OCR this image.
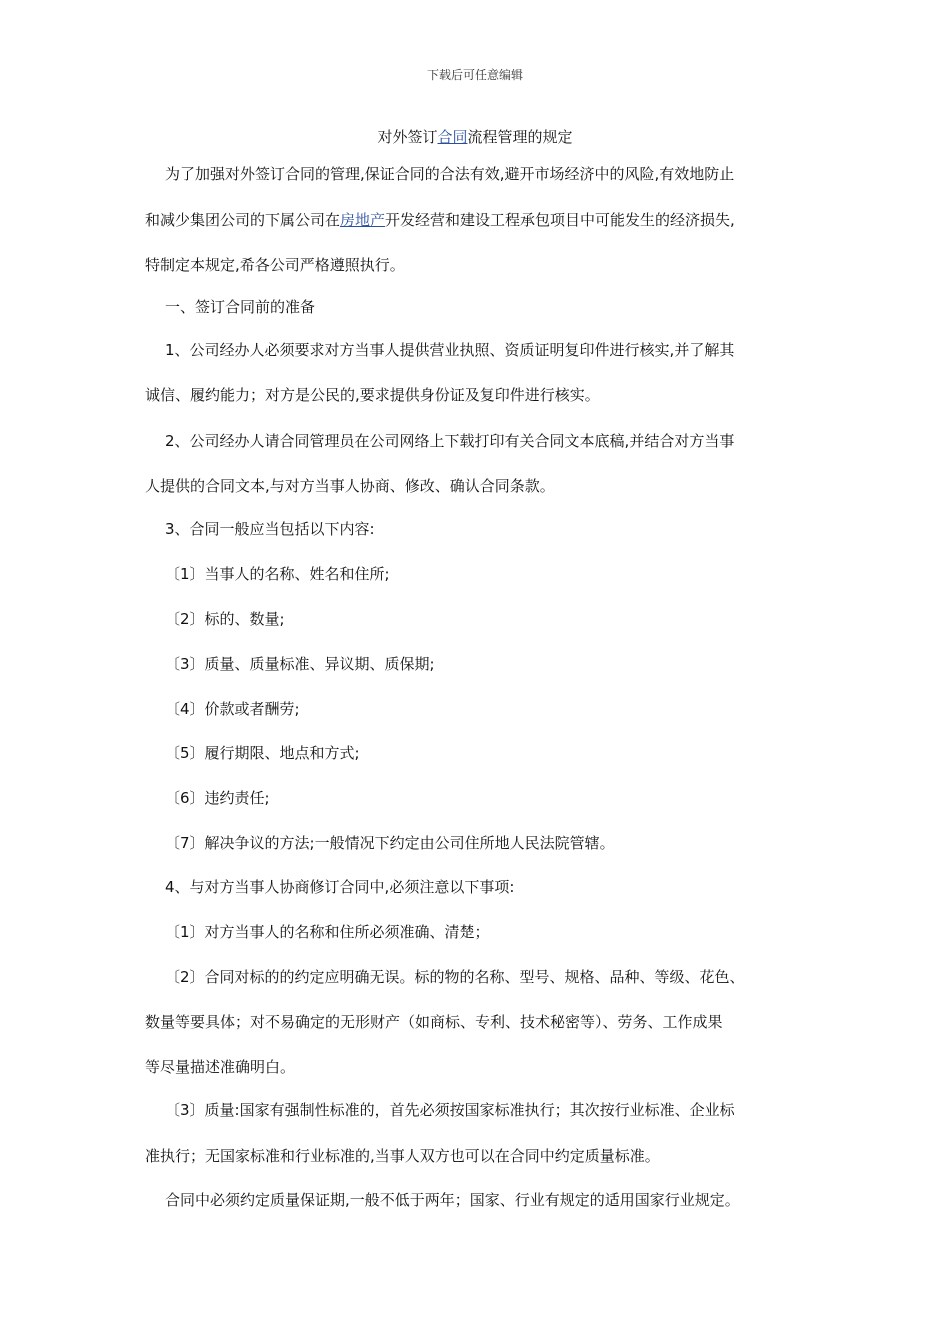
下载后可任意编辑
对外签订合同流程管理的规定
为了加强对外签订合同的管理,保证合同的合法有效,避开市场经济中的风险,有效地防止
和减少集团公司的下属公司在房地产开发经营和建设工程承包项目中可能发生的经济损失,
特制定本规定,希各公司严格遵照执行。
一、签订合同前的准备
1、公司经办人必须要求对方当事人提供营业执照、资质证明复印件进行核实,并了解其
诚信、履约能力；对方是公民的,要求提供身份证及复印件进行核实。
2、公司经办人请合同管理员在公司网络上下载打印有关合同文本底稿,并结合对方当事
人提供的合同文本,与对方当事人协商、修改、确认合同条款。
3、合同一般应当包括以下内容:
〔1〕当事人的名称、姓名和住所;
〔2〕标的、数量;
〔3〕质量、质量标准、异议期、质保期;
〔4〕价款或者酬劳;
〔5〕履行期限、地点和方式;
〔6〕违约责任;
〔7〕解决争议的方法;一般情况下约定由公司住所地人民法院管辖。
4、与对方当事人协商修订合同中,必须注意以下事项:
〔1〕对方当事人的名称和住所必须准确、清楚；
〔2〕合同对标的的约定应明确无误。标的物的名称、型号、规格、品种、等级、花色、
数量等要具体；对不易确定的无形财产（如商标、专利、技术秘密等）、劳务、工作成果
等尽量描述准确明白。
〔3〕质量:国家有强制性标准的，首先必须按国家标准执行；其次按行业标准、企业标
准执行；无国家标准和行业标准的,当事人双方也可以在合同中约定质量标准。
合同中必须约定质量保证期,一般不低于两年；国家、行业有规定的适用国家行业规定。
